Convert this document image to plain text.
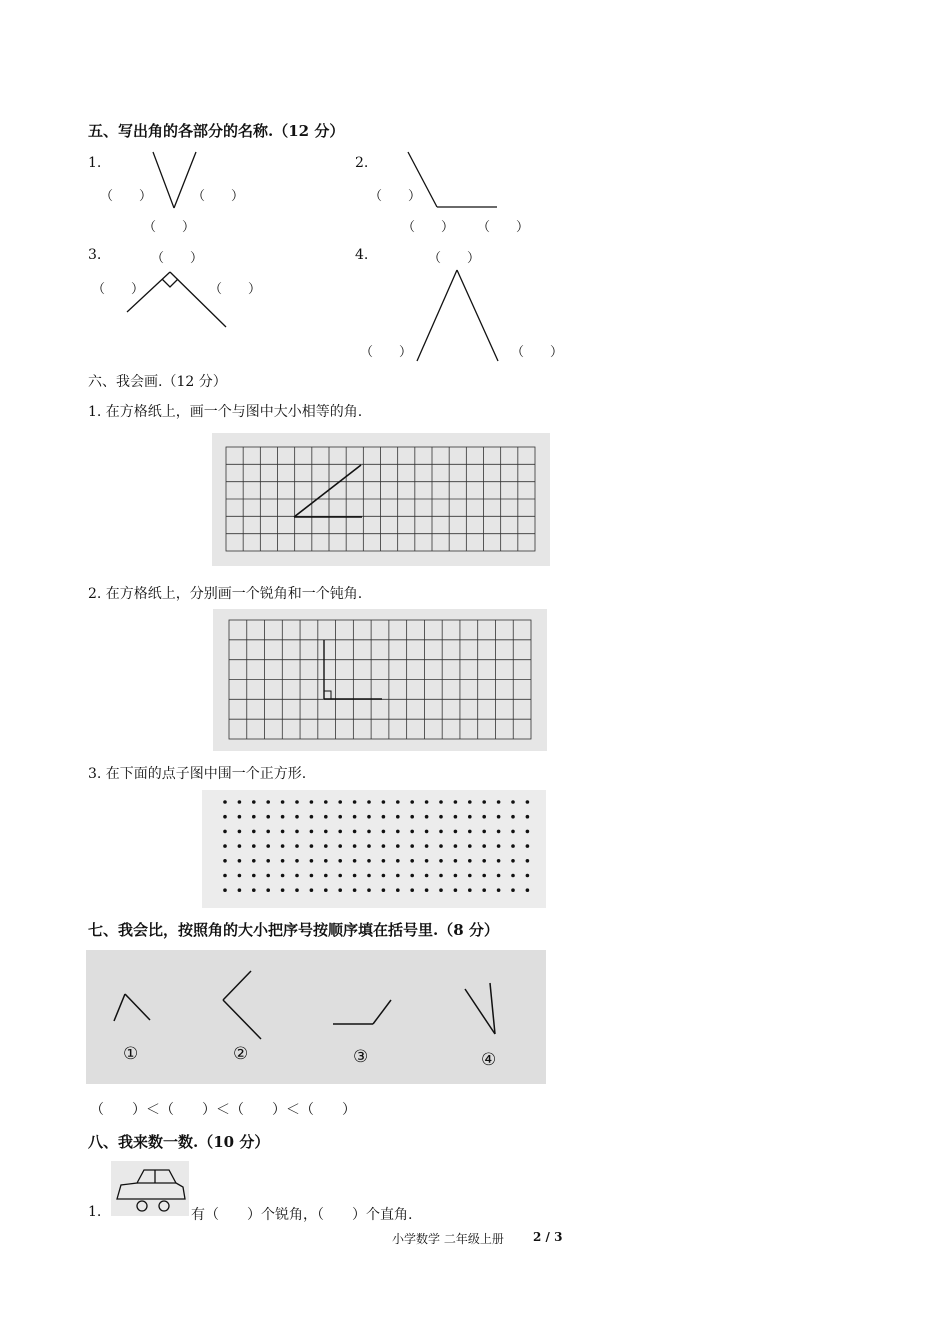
五、写出角的各部分的名称.（12 分）
1.
（　　）	（　　）
（　　）
2.
（　　）
（　　） （　　）
3.	（　　）
（　　）	（　　）
4.	（　　）
（　　）	（　　）
六、我会画.（12 分）
1. 在方格纸上，画一个与图中大小相等的角.
2. 在方格纸上，分别画一个锐角和一个钝角.
3. 在下面的点子图中围一个正方形.
七、我会比，按照角的大小把序号按顺序填在括号里.（8 分）
①	②	③	④
（　　）＜（　　）＜（　　）＜（　　）
八、我来数一数.（10 分）
1.	有（　　）个锐角，（　　）个直角.
小学数学 二年级上册 2 / 3
